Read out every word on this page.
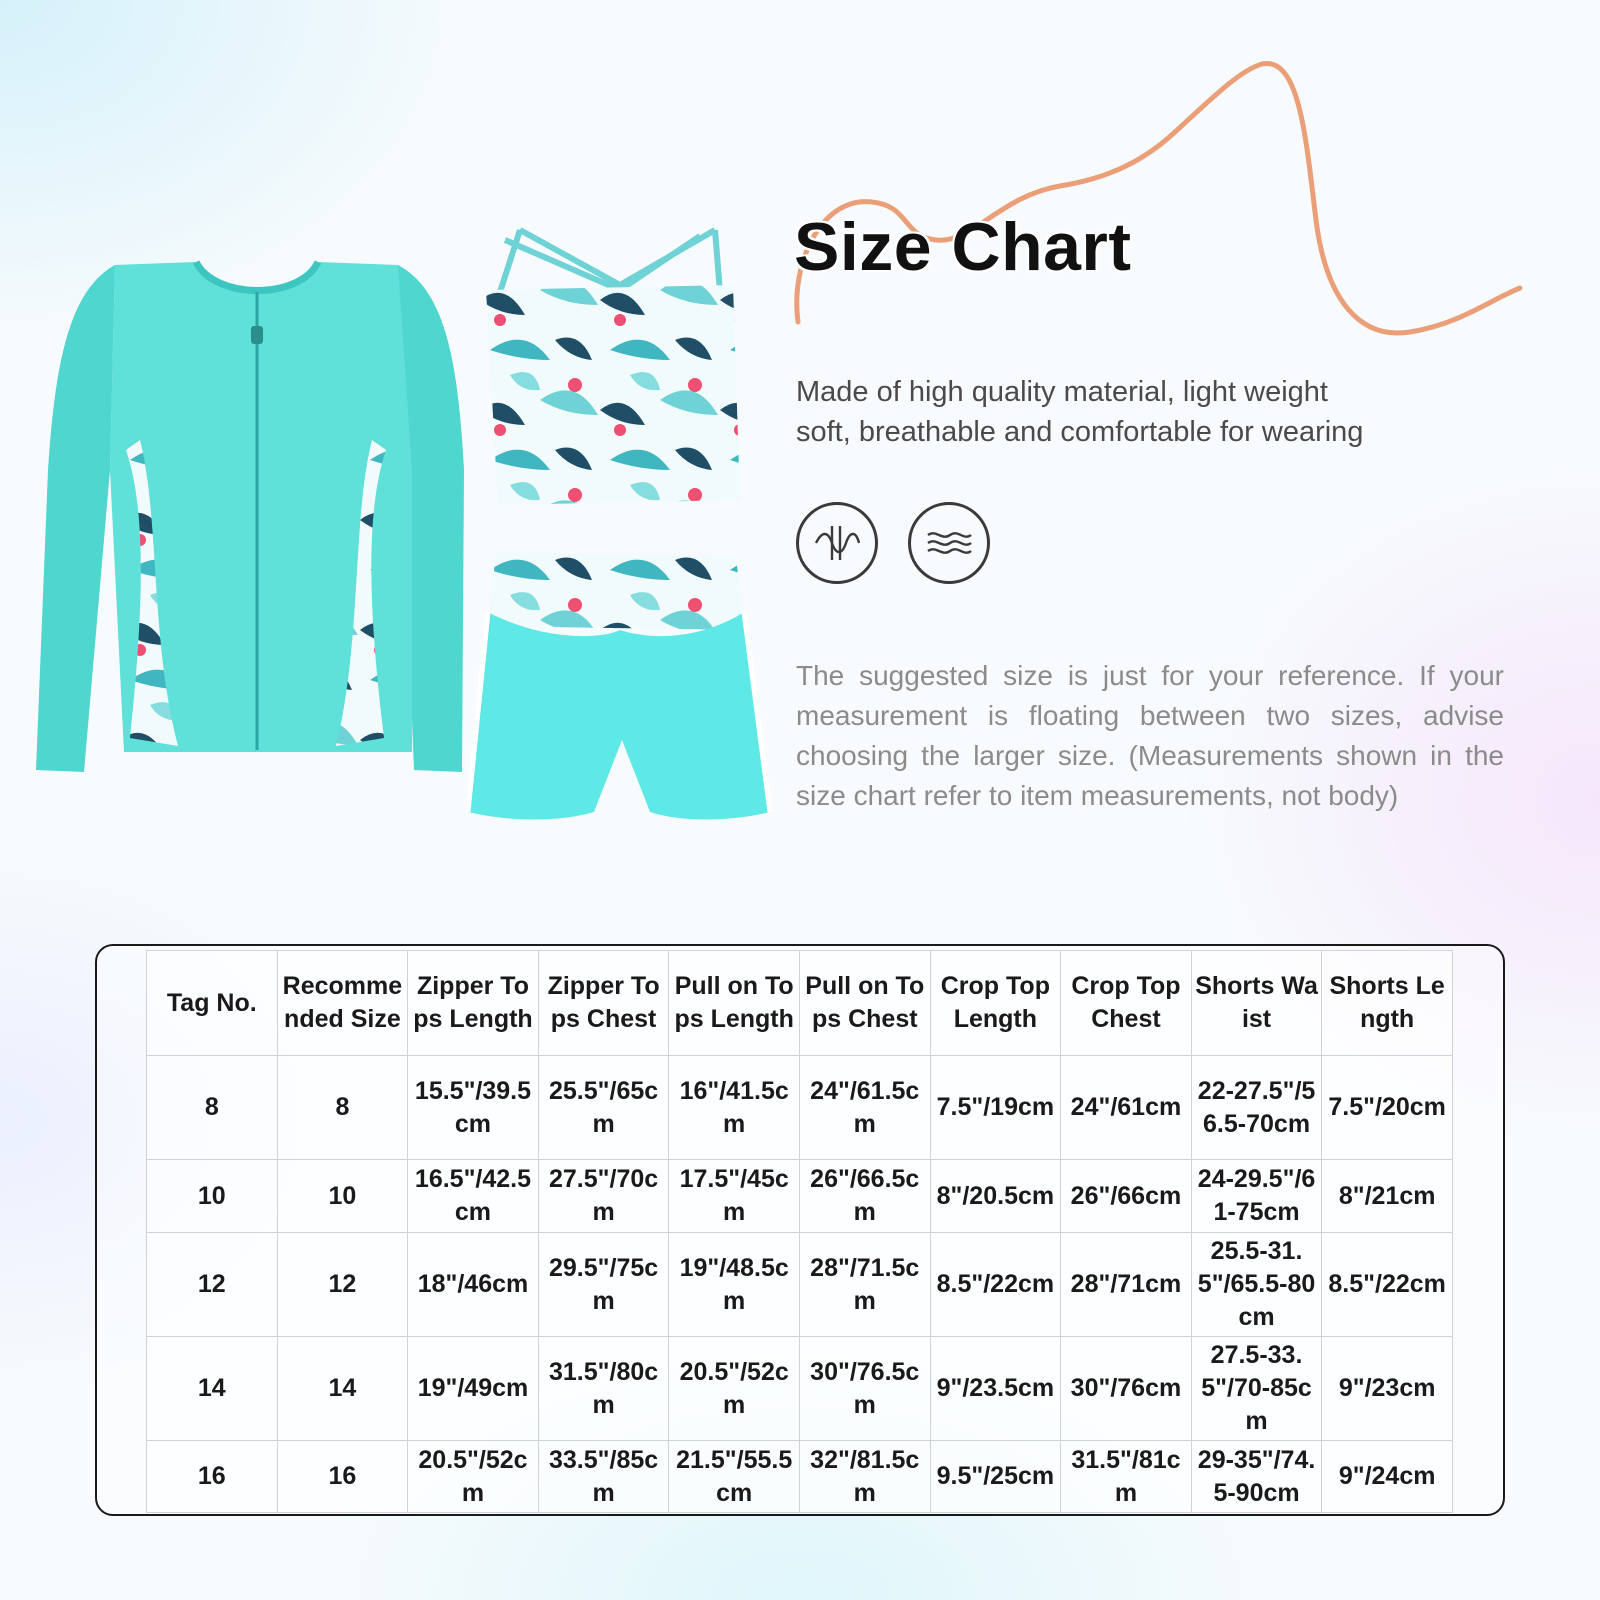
Size Chart
Made of high quality material, light weight
soft, breathable and comfortable for wearing
The suggested size is just for your reference. If your measurement is floating between two sizes, advise choosing the larger size. (Measurements shown in the size chart refer to item measurements, not body)
Tag No.	Recommended Size	Zipper Tops Length	Zipper Tops Chest	Pull on Tops Length	Pull on Tops Chest	Crop Top Length	Crop Top Chest	Shorts Waist	Shorts Length
8	8	15.5"/39.5cm	25.5"/65cm	16"/41.5cm	24"/61.5cm	7.5"/19cm	24"/61cm	22-27.5"/56.5-70cm	7.5"/20cm
10	10	16.5"/42.5cm	27.5"/70cm	17.5"/45cm	26"/66.5cm	8"/20.5cm	26"/66cm	24-29.5"/61-75cm	8"/21cm
12	12	18"/46cm	29.5"/75cm	19"/48.5cm	28"/71.5cm	8.5"/22cm	28"/71cm	25.5-31.5"/65.5-80cm	8.5"/22cm
14	14	19"/49cm	31.5"/80cm	20.5"/52cm	30"/76.5cm	9"/23.5cm	30"/76cm	27.5-33.5"/70-85cm	9"/23cm
16	16	20.5"/52cm	33.5"/85cm	21.5"/55.5cm	32"/81.5cm	9.5"/25cm	31.5"/81cm	29-35"/74.5-90cm	9"/24cm
